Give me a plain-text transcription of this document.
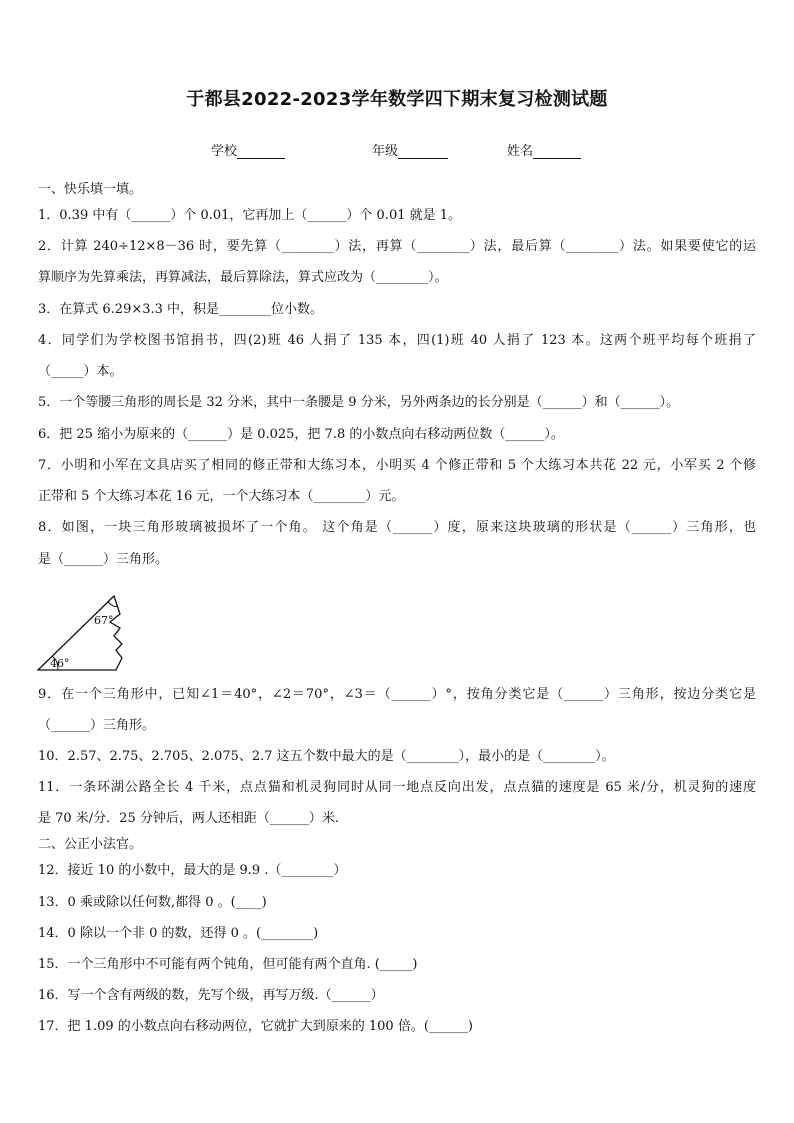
于都县2022-2023学年数学四下期末复习检测试题
学校	年级	姓名
一、快乐填一填。
1．0.39 中有（______）个 0.01，它再加上（______）个 0.01 就是 1。
2．计算 240÷12×8－36 时，要先算（________）法，再算（________）法，最后算（________）法。如果要使它的运
算顺序为先算乘法，再算减法，最后算除法，算式应改为（________）。
3．在算式 6.29×3.3 中，积是________位小数。
4．同学们为学校图书馆捐书，四(2)班 46 人捐了 135 本，四(1)班 40 人捐了 123 本。这两个班平均每个班捐了
（_____）本。
5．一个等腰三角形的周长是 32 分米，其中一条腰是 9 分米，另外两条边的长分别是（______）和（______）。
6．把 25 缩小为原来的（______）是 0.025，把 7.8 的小数点向右移动两位数（______）。
7．小明和小军在文具店买了相同的修正带和大练习本，小明买 4 个修正带和 5 个大练习本共花 22 元，小军买 2 个修
正带和 5 个大练习本花 16 元，一个大练习本（________）元。
8．如图，一块三角形玻璃被损坏了一个角。 这个角是（______）度，原来这块玻璃的形状是（______）三角形，也
是（______）三角形。
67°
46°
9．在一个三角形中，已知∠1＝40°，∠2＝70°，∠3＝（______）°，按角分类它是（______）三角形，按边分类它是
（______）三角形。
10．2.57、2.75、2.705、2.075、2.7 这五个数中最大的是（________），最小的是（________）。
11．一条环湖公路全长 4 千米，点点猫和机灵狗同时从同一地点反向出发，点点猫的速度是 65 米/分，机灵狗的速度
是 70 米/分．25 分钟后，两人还相距（______）米.
二、公正小法官。
12．接近 10 的小数中，最大的是 9.9 .（________）
13．0 乘或除以任何数,都得 0 。(____)
14．0 除以一个非 0 的数，还得 0 。(________)
15．一个三角形中不可能有两个钝角，但可能有两个直角. (_____)
16．写一个含有两级的数，先写个级，再写万级.（______）
17．把 1.09 的小数点向右移动两位，它就扩大到原来的 100 倍。(______)
